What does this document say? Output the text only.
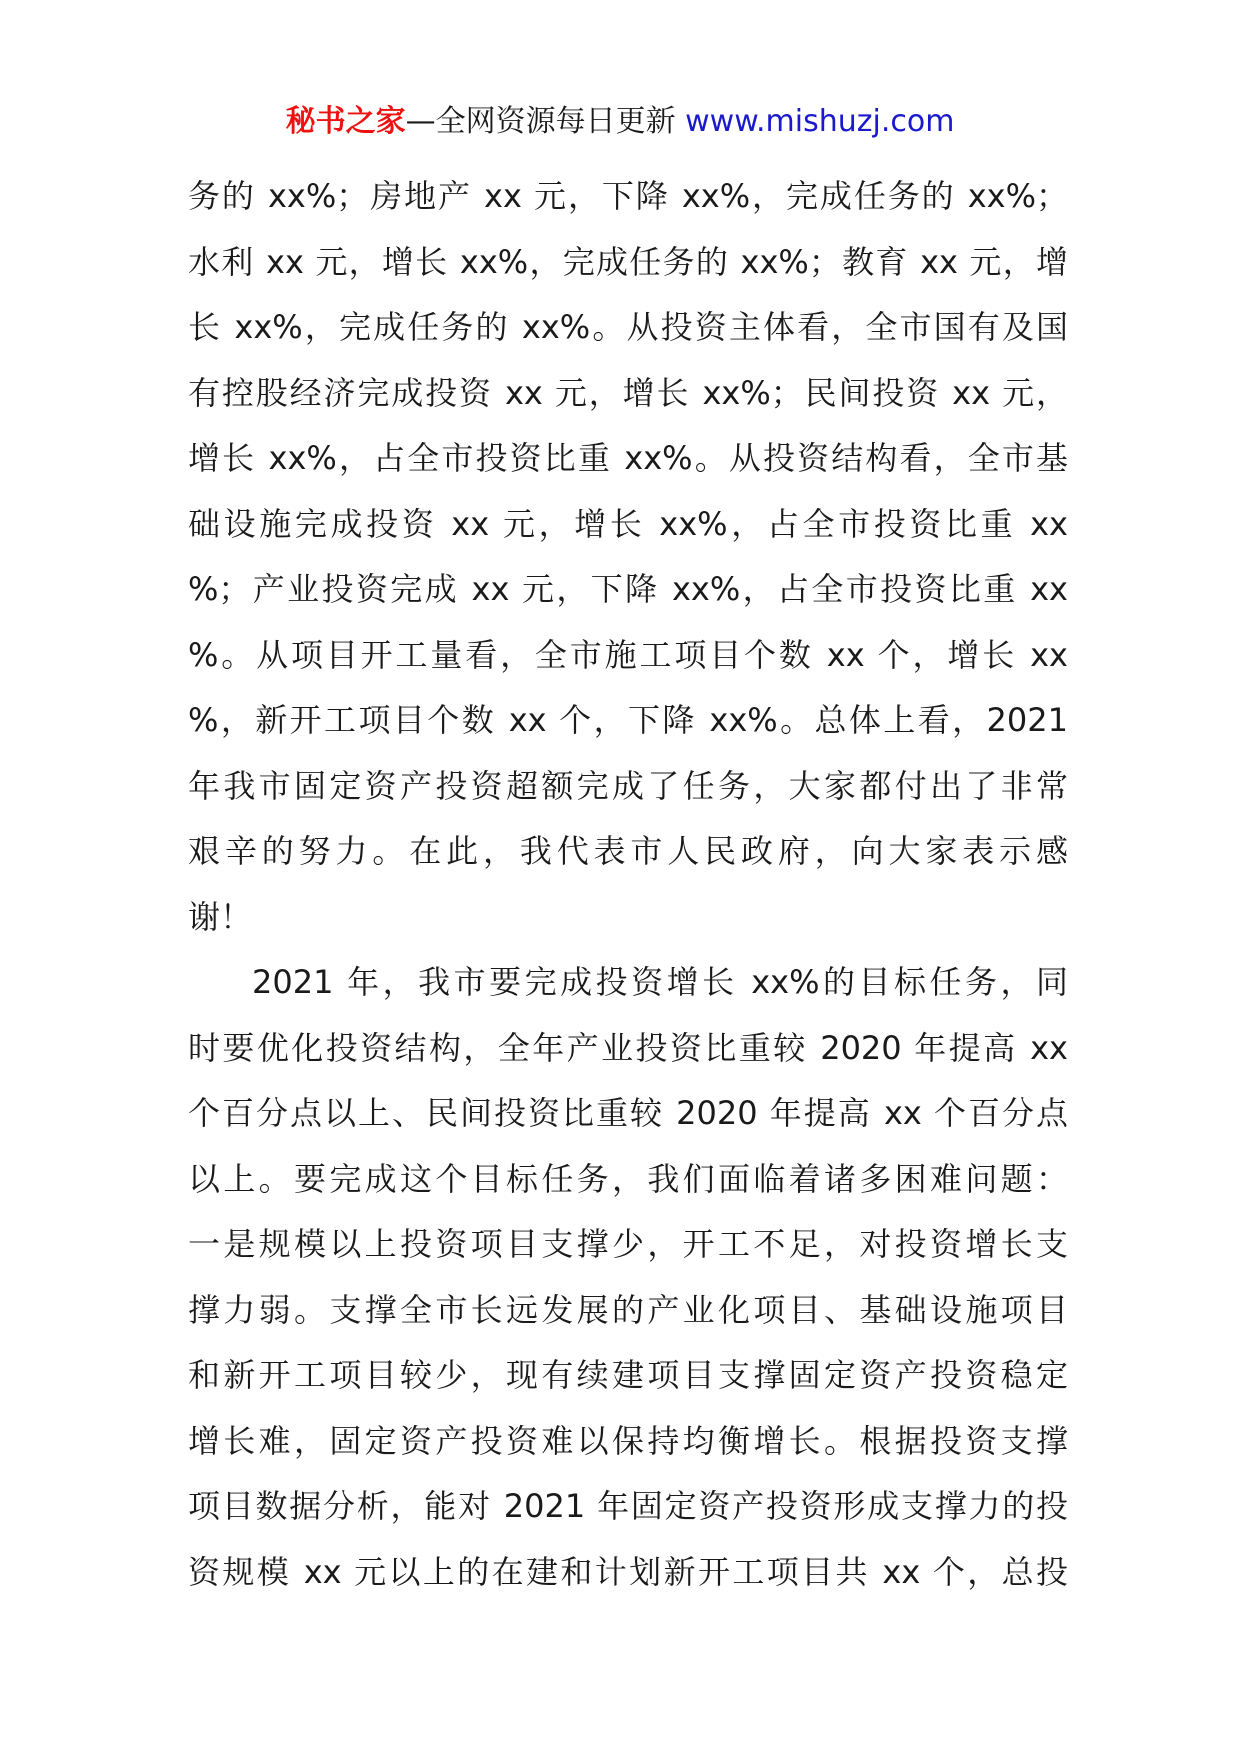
秘书之家—全网资源每日更新 www.mishuzj.com
务的 xx%；房地产 xx 元，下降 xx%，完成任务的 xx%；
水利 xx 元，增长 xx%，完成任务的 xx%；教育 xx 元，增
长 xx%，完成任务的 xx%。从投资主体看，全市国有及国
有控股经济完成投资 xx 元，增长 xx%；民间投资 xx 元，
增长 xx%，占全市投资比重 xx%。从投资结构看，全市基
础设施完成投资 xx 元，增长 xx%，占全市投资比重 xx
%；产业投资完成 xx 元，下降 xx%，占全市投资比重 xx
%。从项目开工量看，全市施工项目个数 xx 个，增长 xx
%，新开工项目个数 xx 个，下降 xx%。总体上看，2021
年我市固定资产投资超额完成了任务，大家都付出了非常
艰辛的努力。在此，我代表市人民政府，向大家表示感
谢！
2021 年，我市要完成投资增长 xx%的目标任务，同
时要优化投资结构，全年产业投资比重较 2020 年提高 xx
个百分点以上、民间投资比重较 2020 年提高 xx 个百分点
以上。要完成这个目标任务，我们面临着诸多困难问题：
一是规模以上投资项目支撑少，开工不足，对投资增长支
撑力弱。支撑全市长远发展的产业化项目、基础设施项目
和新开工项目较少，现有续建项目支撑固定资产投资稳定
增长难，固定资产投资难以保持均衡增长。根据投资支撑
项目数据分析，能对 2021 年固定资产投资形成支撑力的投
资规模 xx 元以上的在建和计划新开工项目共 xx 个，总投
